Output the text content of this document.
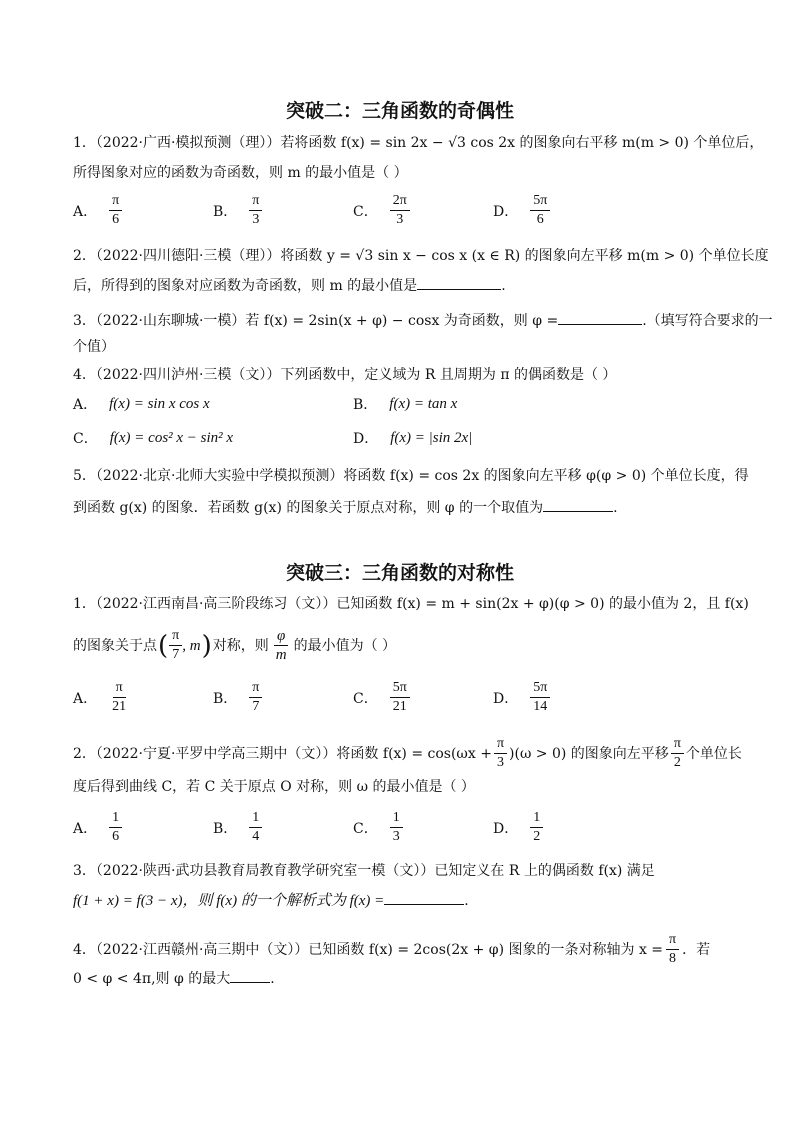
突破二：三角函数的奇偶性
1．（2022·广西·模拟预测（理））若将函数 f(x) = sin 2x − √3 cos 2x 的图象向右平移 m(m > 0) 个单位后，
所得图象对应的函数为奇函数，则 m 的最小值是（ ）
A． $\frac{\pi}{6}$	B． $\frac{\pi}{3}$	C． $\frac{2\pi}{3}$	D． $\frac{5\pi}{6}$
2．（2022·四川德阳·三模（理））将函数 y = √3 sin x − cos x (x ∈ R) 的图象向左平移 m(m > 0) 个单位长度
后，所得到的图象对应函数为奇函数，则 m 的最小值是	.
3．（2022·山东聊城·一模）若 f(x) = 2sin(x + φ) − cosx 为奇函数，则 φ =	.（填写符合要求的一
个值）
4．（2022·四川泸州·三模（文））下列函数中，定义域为 R 且周期为 π 的偶函数是（ ）
A． f(x) = sin x cos x	B． f(x) = tan x
C． f(x) = cos² x − sin² x	D． f(x) = |sin 2x|
5．（2022·北京·北师大实验中学模拟预测）将函数 f(x) = cos 2x 的图象向左平移 φ(φ > 0) 个单位长度，得
到函数 g(x) 的图象．若函数 g(x) 的图象关于原点对称，则 φ 的一个取值为	.
突破三：三角函数的对称性
1．（2022·江西南昌·高三阶段练习（文））已知函数 f(x) = m + sin(2x + φ)(φ > 0) 的最小值为 2，且 f(x)
的图象关于点 ( $\frac{\pi}{7}$ , m ) 对称，则 $\frac{\varphi}{m}$ 的最小值为（ ）
A． $\frac{\pi}{21}$	B． $\frac{\pi}{7}$	C． $\frac{5\pi}{21}$	D． $\frac{5\pi}{14}$
2．（2022·宁夏·平罗中学高三期中（文））将函数 $f(x) = \cos(\omega x + \frac{\pi}{3} )(\omega > 0)$ 的图象向左平移 $\frac{\pi}{2}$ 个单位长
度后得到曲线 C，若 C 关于原点 O 对称，则 ω 的最小值是（ ）
A． $\frac{1}{6}$	B． $\frac{1}{4}$	C． $\frac{1}{3}$	D． $\frac{1}{2}$
3．（2022·陕西·武功县教育局教育教学研究室一模（文））已知定义在 R 上的偶函数 f(x) 满足
f(1 + x) = f(3 − x)，则 f(x) 的一个解析式为 f(x) =	.
4．（2022·江西赣州·高三期中（文））已知函数 f(x) = 2cos(2x + φ) 图象的一条对称轴为 $x = \frac{\pi}{8}$ ．若
0 < φ < 4π,则 φ 的最大	.
